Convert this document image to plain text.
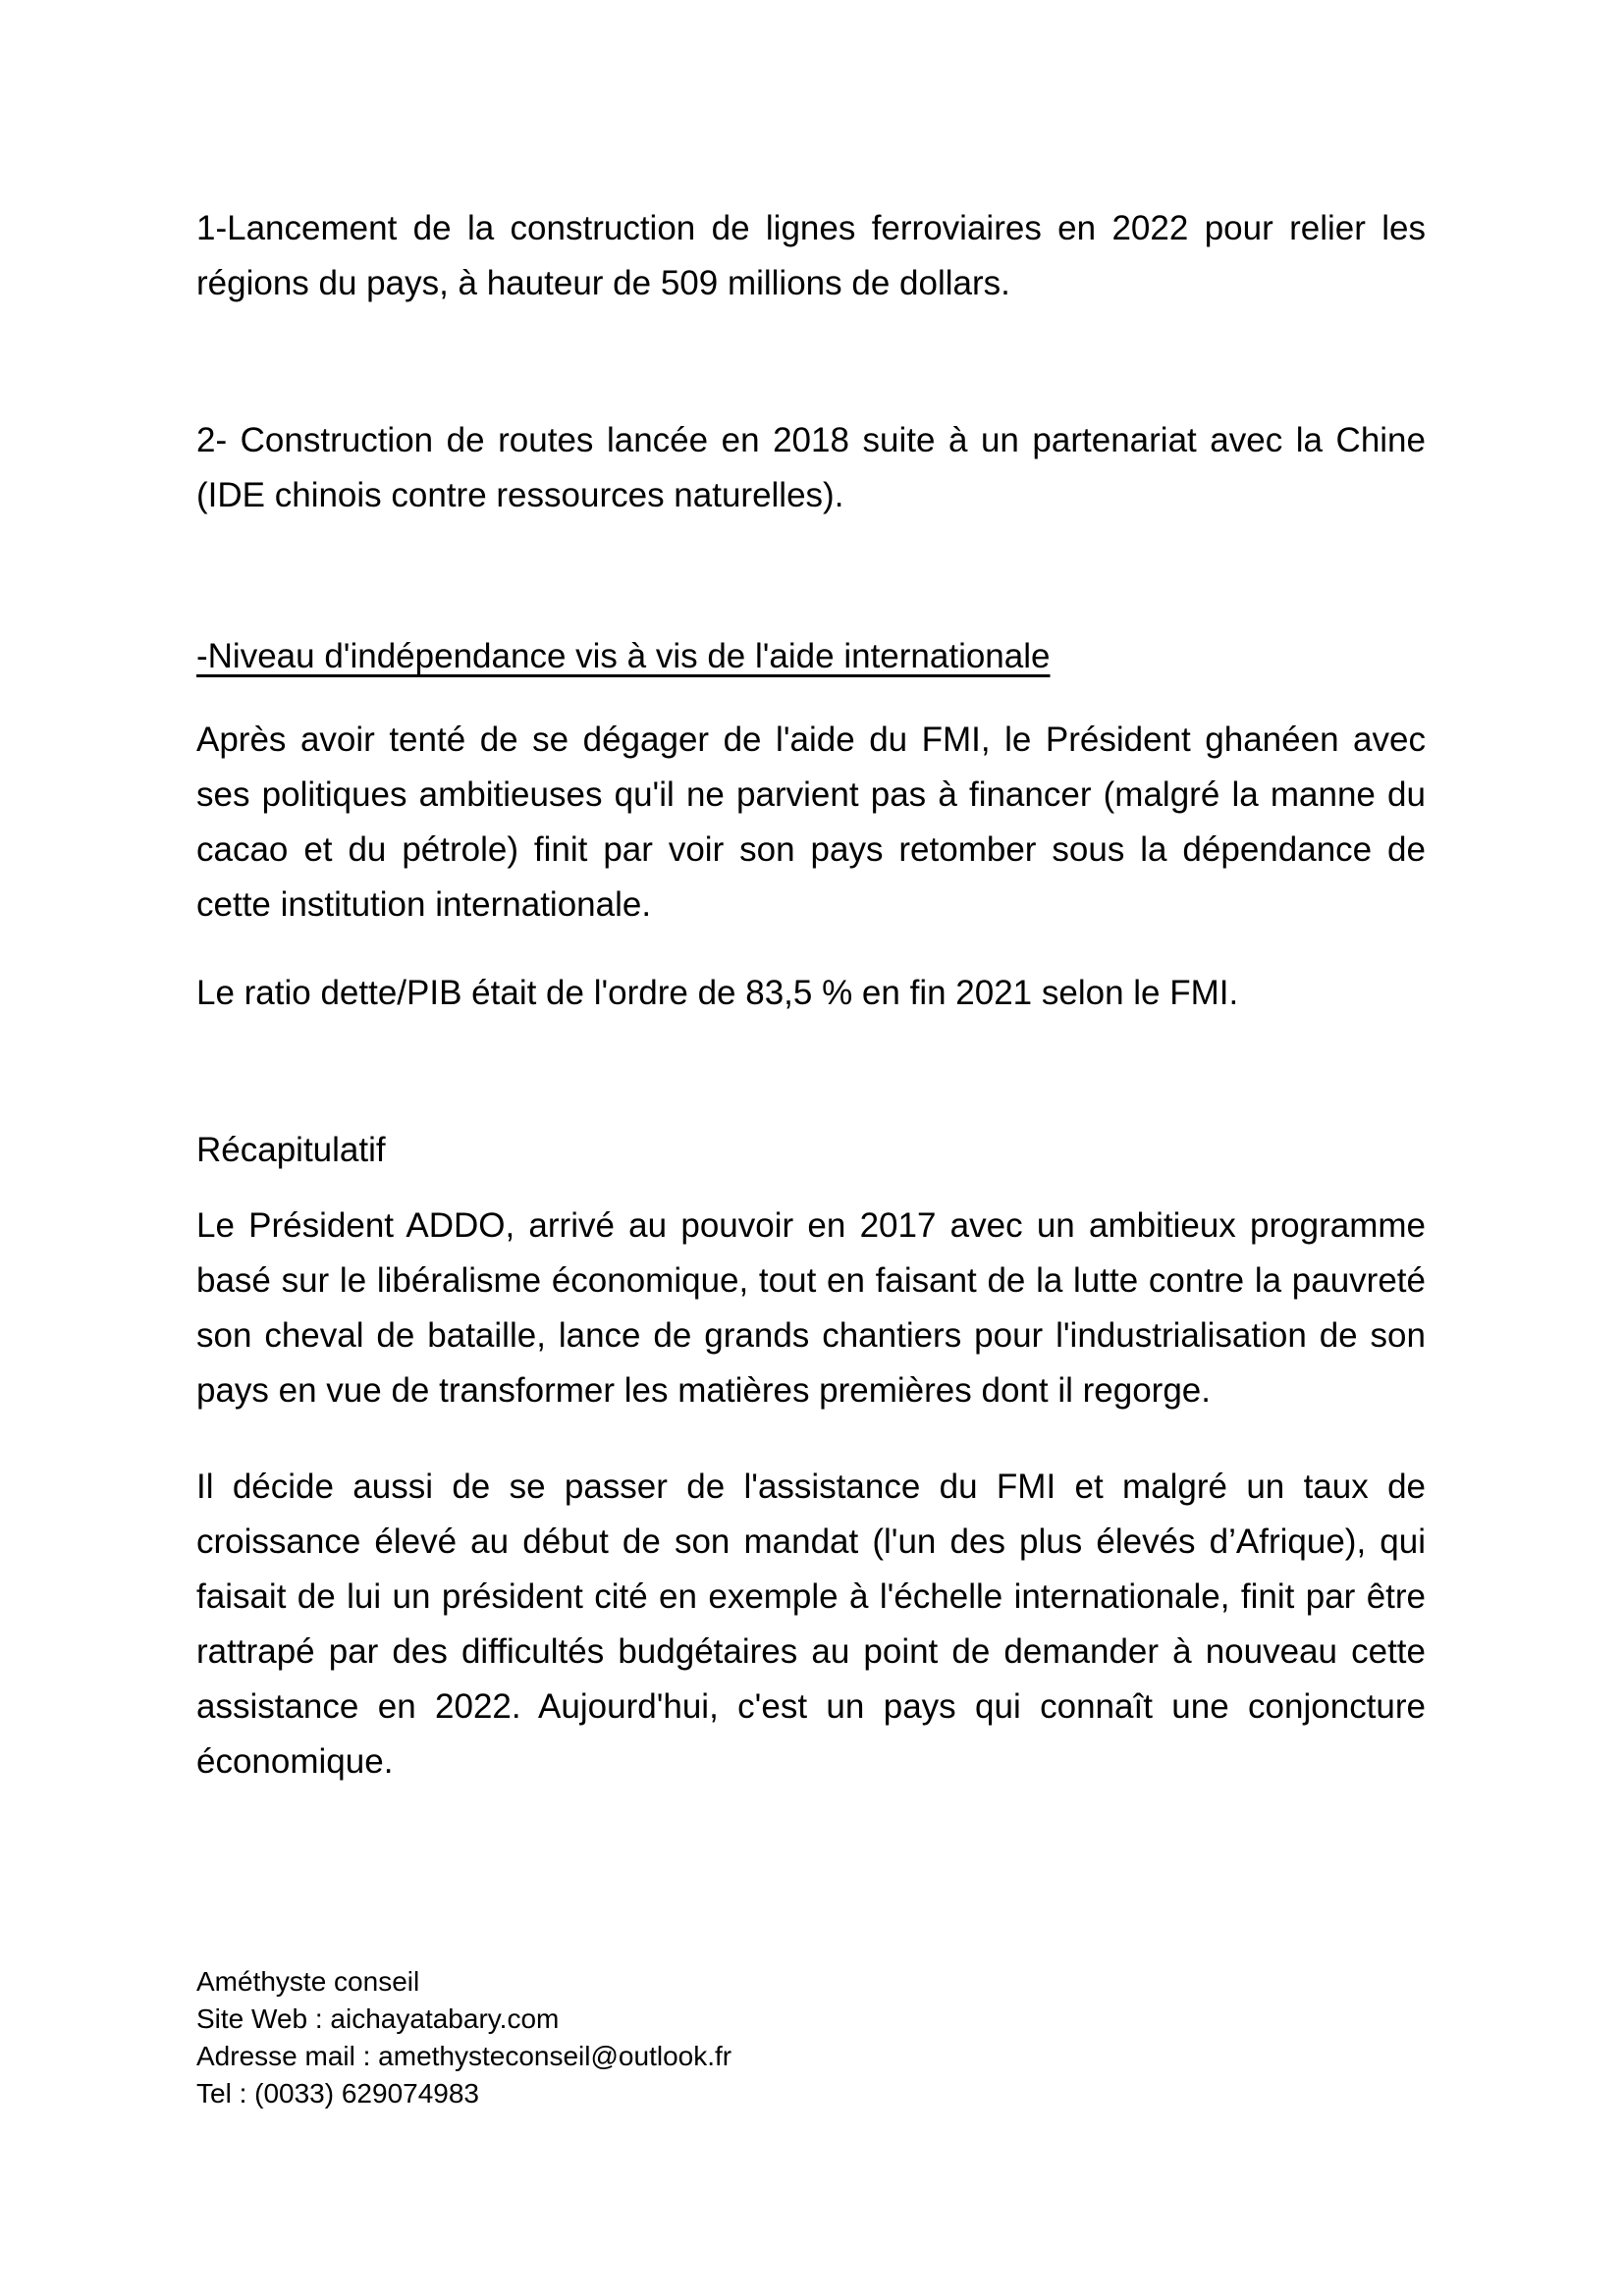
1-Lancement de la construction de lignes ferroviaires en 2022 pour relier les régions du pays, à hauteur de 509 millions de dollars.

2- Construction de routes lancée en 2018 suite à un partenariat avec la Chine (IDE chinois contre ressources naturelles).

-Niveau d'indépendance vis à vis de l'aide internationale

Après avoir tenté de se dégager de l'aide du FMI, le Président ghanéen avec ses politiques ambitieuses qu'il ne parvient pas à financer (malgré la manne du cacao et du pétrole) finit par voir son pays retomber sous la dépendance de cette institution internationale.

Le ratio dette/PIB était de l'ordre de 83,5 % en fin 2021 selon le FMI.

Récapitulatif

Le Président ADDO, arrivé au pouvoir en 2017 avec un ambitieux programme basé sur le libéralisme économique, tout en faisant de la lutte contre la pauvreté son cheval de bataille, lance de grands chantiers pour l'industrialisation de son pays en vue de transformer les matières premières dont il regorge.

Il décide aussi de se passer de l'assistance du FMI et malgré un taux de croissance élevé au début de son mandat (l'un des plus élevés d’Afrique), qui faisait de lui un président cité en exemple à l'échelle internationale, finit par être rattrapé par des difficultés budgétaires au point de demander à nouveau cette assistance en 2022. Aujourd'hui, c'est un pays qui connaît une conjoncture économique.

Améthyste conseil
Site Web : aichayatabary.com
Adresse mail : amethysteconseil@outlook.fr
Tel : (0033) 629074983
